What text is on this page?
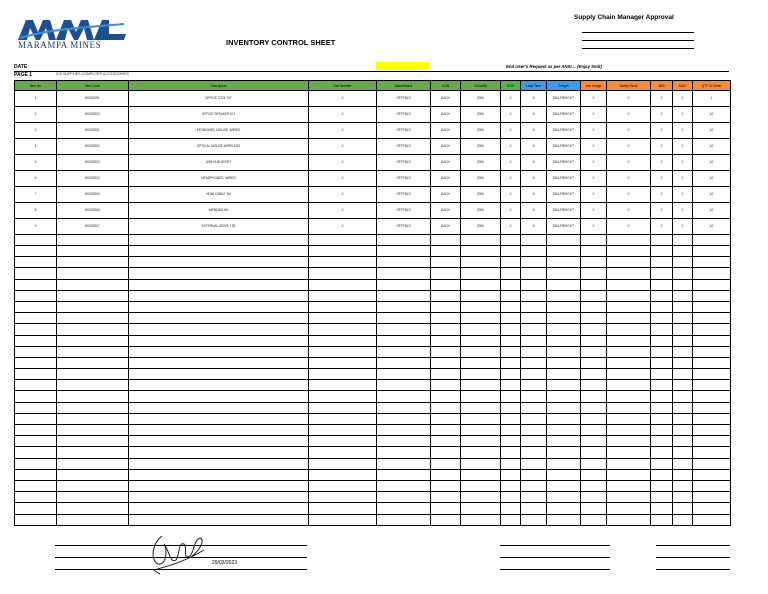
MARAMPA MINES	INVENTORY CONTROL SHEET
Supply Chain Manager Approval
DATE	End User's Request as per ANSI… (Enjay Smit)
PAGE 1	ICE SUPPLIES COMPUTER ACCESSORIES
Item No	Item Code	Description	Part Number	Make/Brand	UOM	Criticality	SOH	Lead Time	Freight	Ave Usage	Safety Stock	MIN	MAX	QTY To Order
1	80003291	OFFICE TOOL KIT	0	OFFTBLS	EACH	0000	0	5	SEA FREIGHT	0	0	0	0	1
2	80003300	OFFICE SPEAKER KIT	0	OFFTBLS	EACH	0000	0	5	SEA FREIGHT	0	0	0	0	10
3	80003301	KEYBOARD, MOUSE, WIRED	0	OFFTBLS	EACH	0000	0	5	SEA FREIGHT	0	0	0	0	10
4	80003302	OPTICAL MOUSE WIRELESS	0	OFFTBLS	EACH	0000	0	5	SEA FREIGHT	0	0	0	0	10
5	80003303	USB HUB 4PORT	0	OFFTBLS	EACH	0000	0	5	SEA FREIGHT	0	0	0	0	10
6	80003304	HEADPHONES, WIRED	0	OFFTBLS	EACH	0000	0	5	SEA FREIGHT	0	0	0	0	10
7	80003305	HDMI CABLE 3M	0	OFFTBLS	EACH	0000	0	5	SEA FREIGHT	0	0	0	0	10
8	80003306	WEBCAM HD	0	OFFTBLS	EACH	0000	0	5	SEA FREIGHT	0	0	0	0	10
9	80003307	EXTERNAL DRIVE 1TB	0	OFFTBLS	EACH	0000	0	5	SEA FREIGHT	0	0	0	0	10

29/03/2023
